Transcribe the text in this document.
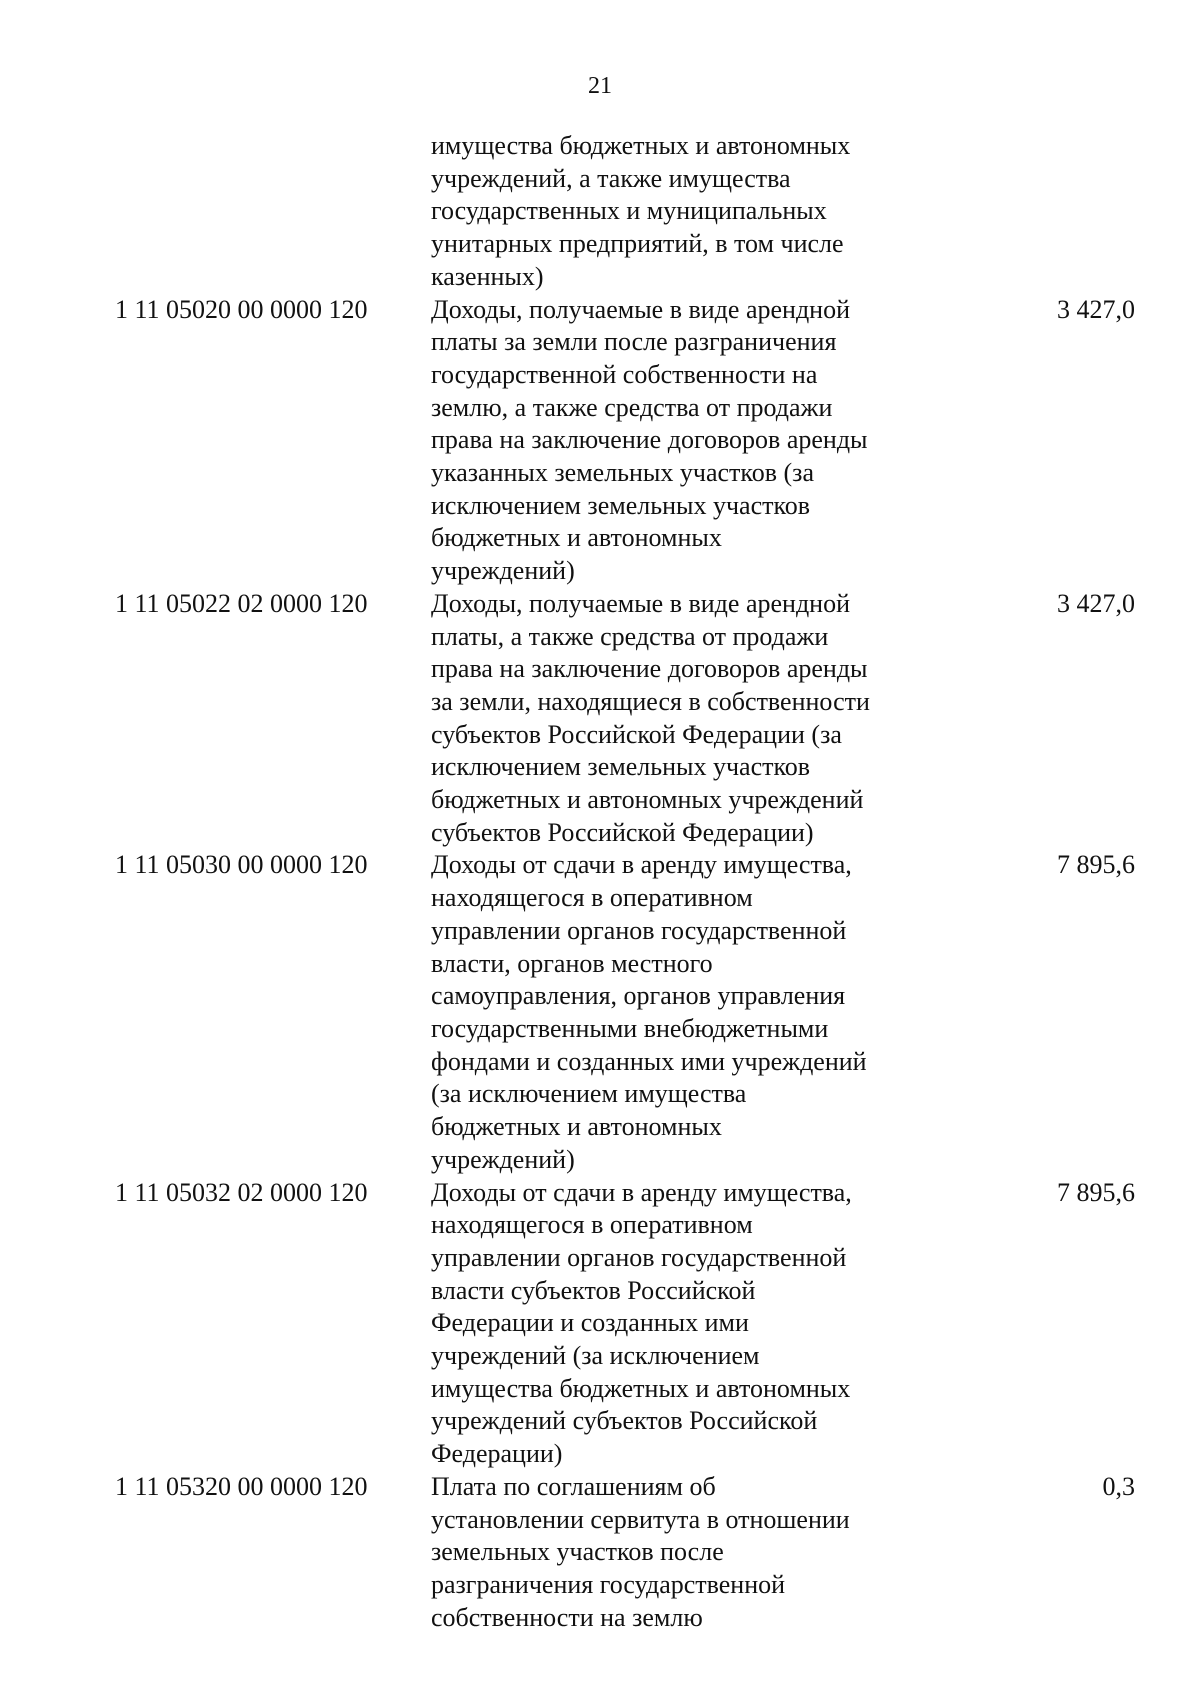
21
имущества бюджетных и автономных
учреждений, а также имущества
государственных и муниципальных
унитарных предприятий, в том числе
казенных)
1 11 05020 00 0000 120	Доходы, получаемые в виде арендной
платы за земли после разграничения
государственной собственности на
землю, а также средства от продажи
права на заключение договоров аренды
указанных земельных участков (за
исключением земельных участков
бюджетных и автономных
учреждений)
3 427,0
1 11 05022 02 0000 120	Доходы, получаемые в виде арендной
платы, а также средства от продажи
права на заключение договоров аренды
за земли, находящиеся в собственности
субъектов Российской Федерации (за
исключением земельных участков
бюджетных и автономных учреждений
субъектов Российской Федерации)
3 427,0
1 11 05030 00 0000 120	Доходы от сдачи в аренду имущества,
находящегося в оперативном
управлении органов государственной
власти, органов местного
самоуправления, органов управления
государственными внебюджетными
фондами и созданных ими учреждений
(за исключением имущества
бюджетных и автономных
учреждений)
7 895,6
1 11 05032 02 0000 120	Доходы от сдачи в аренду имущества,
находящегося в оперативном
управлении органов государственной
власти субъектов Российской
Федерации и созданных ими
учреждений (за исключением
имущества бюджетных и автономных
учреждений субъектов Российской
Федерации)
7 895,6
1 11 05320 00 0000 120	Плата по соглашениям об
установлении сервитута в отношении
земельных участков после
разграничения государственной
собственности на землю
0,3
